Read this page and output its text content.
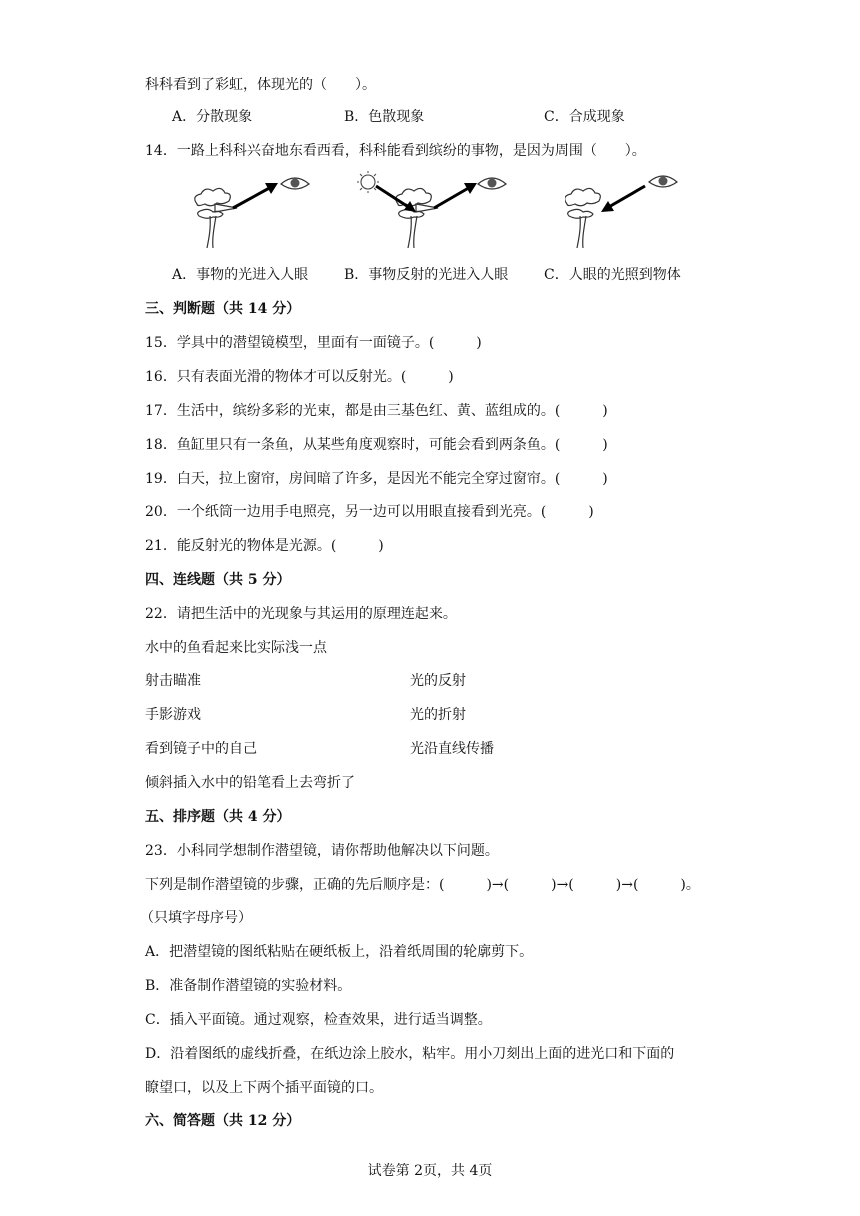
科科看到了彩虹，体现光的（　　）。
A．分散现象	B．色散现象	C．合成现象
14．一路上科科兴奋地东看西看，科科能看到缤纷的事物，是因为周围（　　）。
A．事物的光进入人眼	B．事物反射的光进入人眼	C．人眼的光照到物体
三、判断题（共 14 分）
15．学具中的潜望镜模型，里面有一面镜子。(　　　)
16．只有表面光滑的物体才可以反射光。(　　　)
17．生活中，缤纷多彩的光束，都是由三基色红、黄、蓝组成的。(　　　)
18．鱼缸里只有一条鱼，从某些角度观察时，可能会看到两条鱼。(　　　)
19．白天，拉上窗帘，房间暗了许多，是因光不能完全穿过窗帘。(　　　)
20．一个纸筒一边用手电照亮，另一边可以用眼直接看到光亮。(　　　)
21．能反射光的物体是光源。(　　　)
四、连线题（共 5 分）
22．请把生活中的光现象与其运用的原理连起来。
水中的鱼看起来比实际浅一点
射击瞄准	光的反射
手影游戏	光的折射
看到镜子中的自己	光沿直线传播
倾斜插入水中的铅笔看上去弯折了
五、排序题（共 4 分）
23．小科同学想制作潜望镜，请你帮助他解决以下问题。
下列是制作潜望镜的步骤，正确的先后顺序是：(　　　)→(　　　)→(　　　)→(　　　)。
（只填字母序号）
A．把潜望镜的图纸粘贴在硬纸板上，沿着纸周围的轮廓剪下。
B．准备制作潜望镜的实验材料。
C．插入平面镜。通过观察，检查效果，进行适当调整。
D．沿着图纸的虚线折叠，在纸边涂上胶水，粘牢。用小刀刻出上面的进光口和下面的
瞭望口，以及上下两个插平面镜的口。
六、简答题（共 12 分）
试卷第 2页，共 4页
